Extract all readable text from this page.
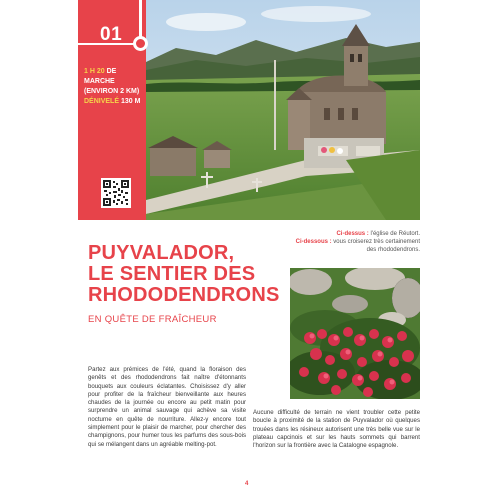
01
1 H 20 DE MARCHE
(ENVIRON 2 KM)
DÉNIVELÉ 130 M
Ci-dessus : l'église de Réutort.
Ci-dessous : vous croiserez très certainement des rhododendrons.
PUYVALADOR,
LE SENTIER DES
RHODODENDRONS
EN QUÊTE DE FRAÎCHEUR
Partez aux prémices de l'été, quand la floraison des genêts et des rhododendrons fait naître d'étonnants bouquets aux couleurs éclatantes. Choisissez d'y aller pour profiter de la fraîcheur bienveillante aux heures chaudes de la journée ou encore au petit matin pour surprendre un animal sauvage qui achève sa visite nocturne en quête de nourriture. Allez-y encore tout simplement pour le plaisir de marcher, pour chercher des champignons, pour humer tous les parfums des sous-bois qui se mélangent dans un agréable melting-pot.
Aucune difficulté de terrain ne vient troubler cette petite boucle à proximité de la station de Puyvalador où quelques trouées dans les résineux autorisent une très belle vue sur le plateau capcinois et sur les hauts sommets qui barrent l'horizon sur la frontière avec la Catalogne espagnole.
4
